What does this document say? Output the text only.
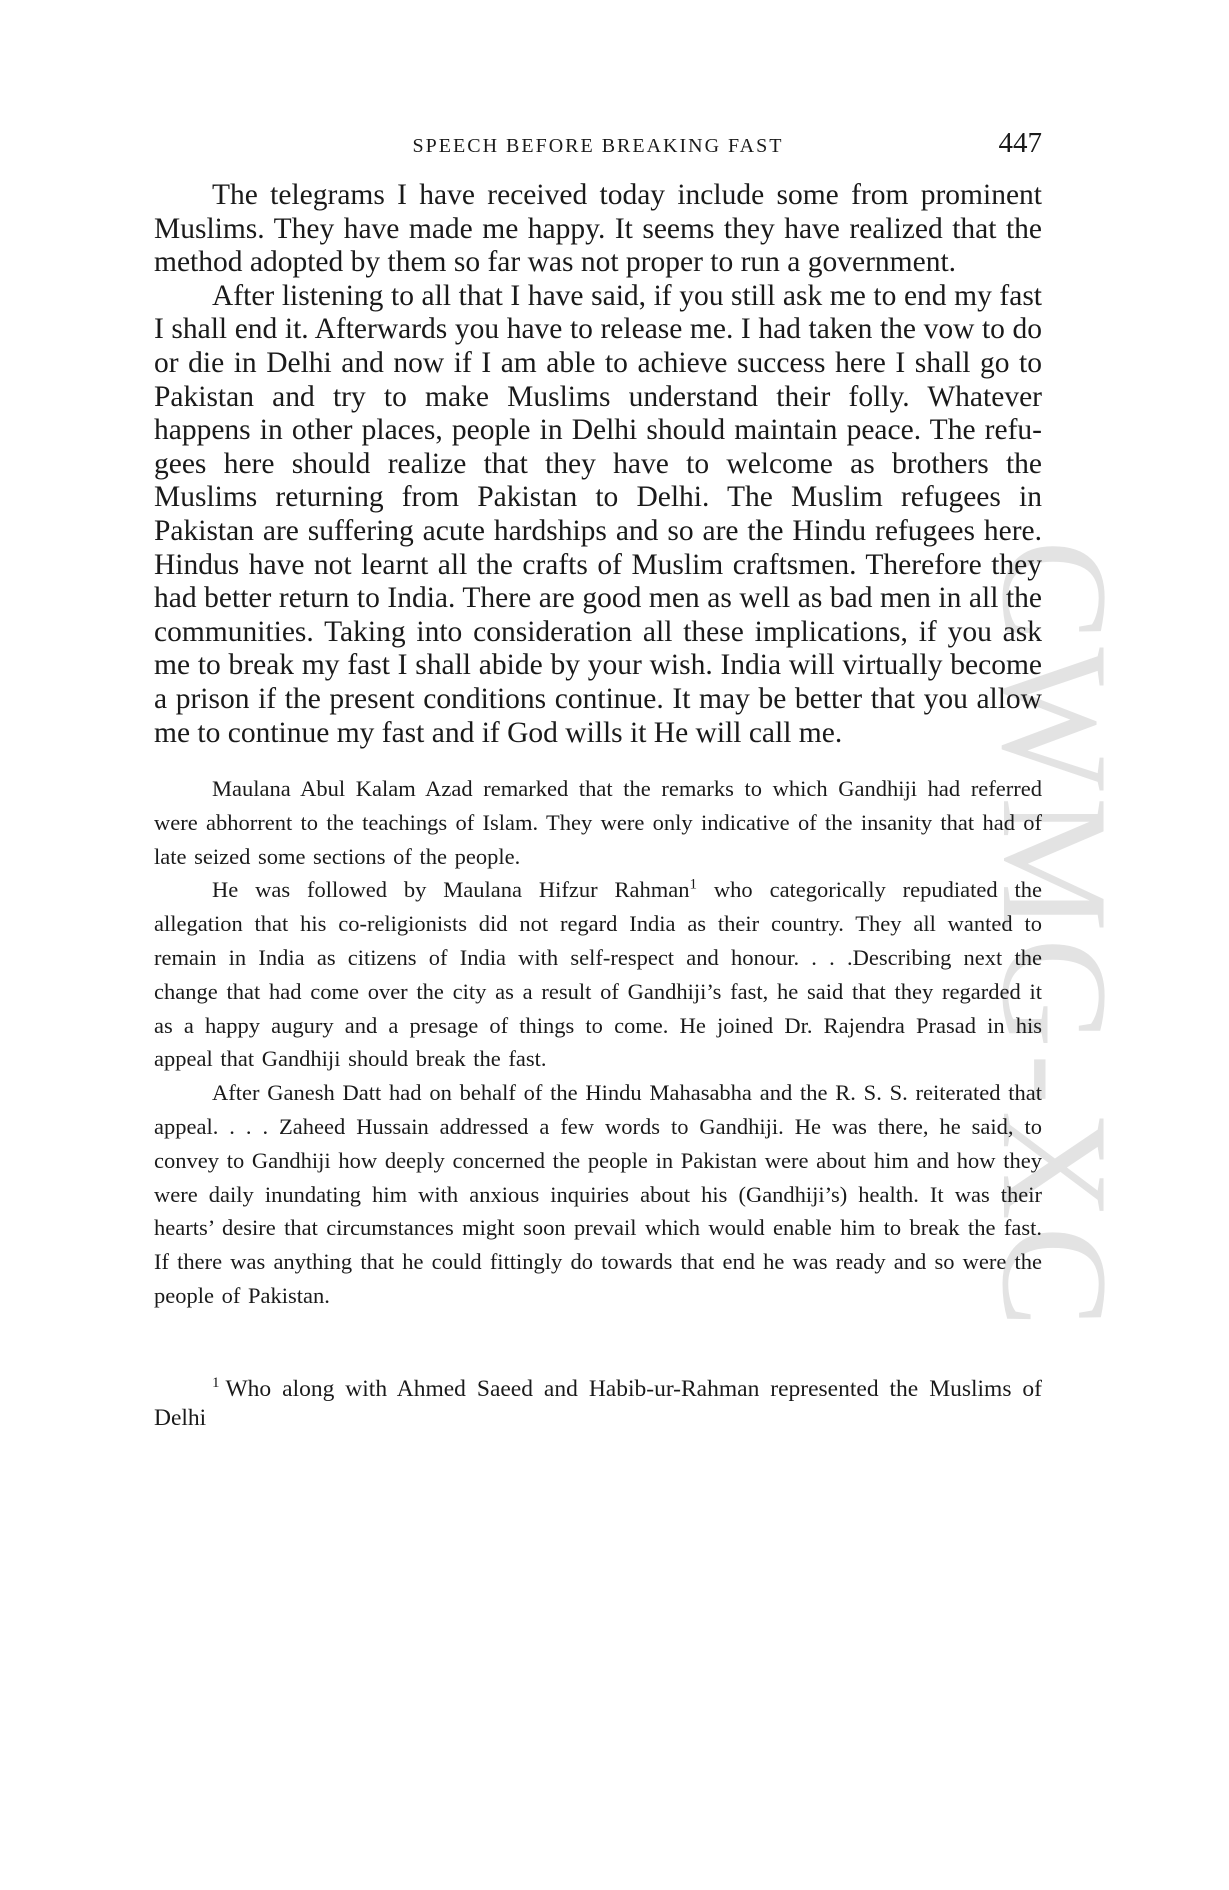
CWMG-XC
SPEECH BEFORE BREAKING FAST	447

The telegrams I have received today include some from prominent Muslims. They have made me happy. It seems they have realized that the method adopted by them so far was not proper to run a government.

After listening to all that I have said, if you still ask me to end my fast I shall end it. Afterwards you have to release me. I had taken the vow to do or die in Delhi and now if I am able to achieve success here I shall go to Pakistan and try to make Muslims understand their folly. Whatever happens in other places, people in Delhi should maintain peace. The refugees here should realize that they have to welcome as brothers the Muslims returning from Pakistan to Delhi. The Muslim refugees in Pakistan are suffering acute hardships and so are the Hindu refugees here. Hindus have not learnt all the crafts of Muslim craftsmen. Therefore they had better return to India. There are good men as well as bad men in all the communities. Taking into consideration all these implications, if you ask me to break my fast I shall abide by your wish. India will virtually become a prison if the present conditions continue. It may be better that you allow me to continue my fast and if God wills it He will call me.

Maulana Abul Kalam Azad remarked that the remarks to which Gandhiji had referred were abhorrent to the teachings of Islam. They were only indicative of the insanity that had of late seized some sections of the people.

He was followed by Maulana Hifzur Rahman$^1$ who categorically repudiated the allegation that his co-religionists did not regard India as their country. They all wanted to remain in India as citizens of India with self-respect and honour. . . .Describing next the change that had come over the city as a result of Gandhiji’s fast, he said that they regarded it as a happy augury and a presage of things to come. He joined Dr. Rajendra Prasad in his appeal that Gandhiji should break the fast.

After Ganesh Datt had on behalf of the Hindu Mahasabha and the R. S. S. reiterated that appeal. . . . Zaheed Hussain addressed a few words to Gandhiji. He was there, he said, to convey to Gandhiji how deeply concerned the people in Pakistan were about him and how they were daily inundating him with anxious inquiries about his (Gandhiji’s) health. It was their hearts’ desire that circumstances might soon prevail which would enable him to break the fast. If there was anything that he could fittingly do towards that end he was ready and so were the people of Pakistan.

$^1$ Who along with Ahmed Saeed and Habib-ur-Rahman represented the Muslims of Delhi
